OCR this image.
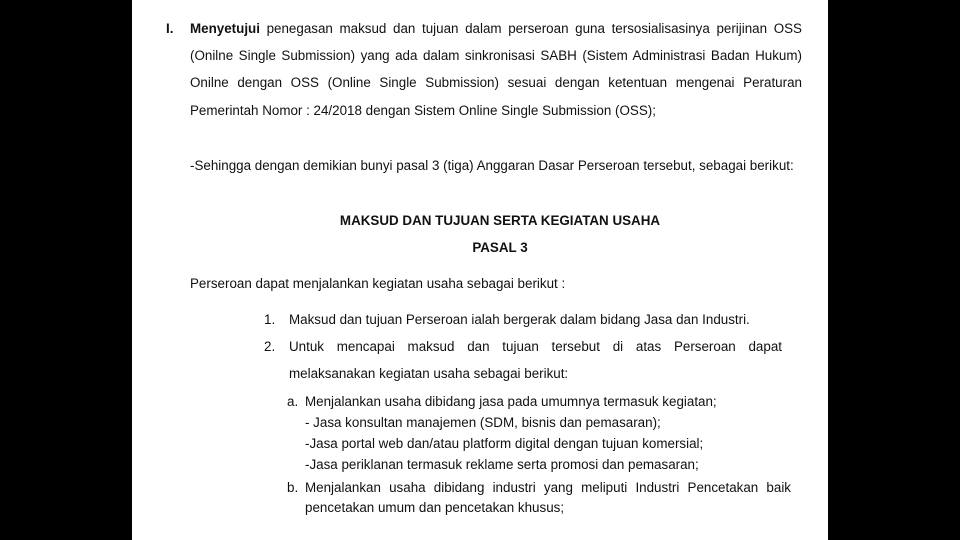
I. Menyetujui penegasan maksud dan tujuan dalam perseroan guna tersosialisasinya perijinan OSS
(Onilne Single Submission) yang ada dalam sinkronisasi SABH (Sistem Administrasi Badan Hukum)
Onilne dengan OSS (Online Single Submission) sesuai dengan ketentuan mengenai Peraturan
Pemerintah Nomor : 24/2018 dengan Sistem Online Single Submission (OSS);
-Sehingga dengan demikian bunyi pasal 3 (tiga) Anggaran Dasar Perseroan tersebut, sebagai berikut:
MAKSUD DAN TUJUAN SERTA KEGIATAN USAHA
PASAL 3
Perseroan dapat menjalankan kegiatan usaha sebagai berikut :
1. Maksud dan tujuan Perseroan ialah bergerak dalam bidang Jasa dan Industri.
2. Untuk mencapai maksud dan tujuan tersebut di atas Perseroan dapat
melaksanakan kegiatan usaha sebagai berikut:
a. Menjalankan usaha dibidang jasa pada umumnya termasuk kegiatan;
- Jasa konsultan manajemen (SDM, bisnis dan pemasaran);
-Jasa portal web dan/atau platform digital dengan tujuan komersial;
-Jasa periklanan termasuk reklame serta promosi dan pemasaran;
b. Menjalankan usaha dibidang industri yang meliputi Industri Pencetakan baik
pencetakan umum dan pencetakan khusus;
